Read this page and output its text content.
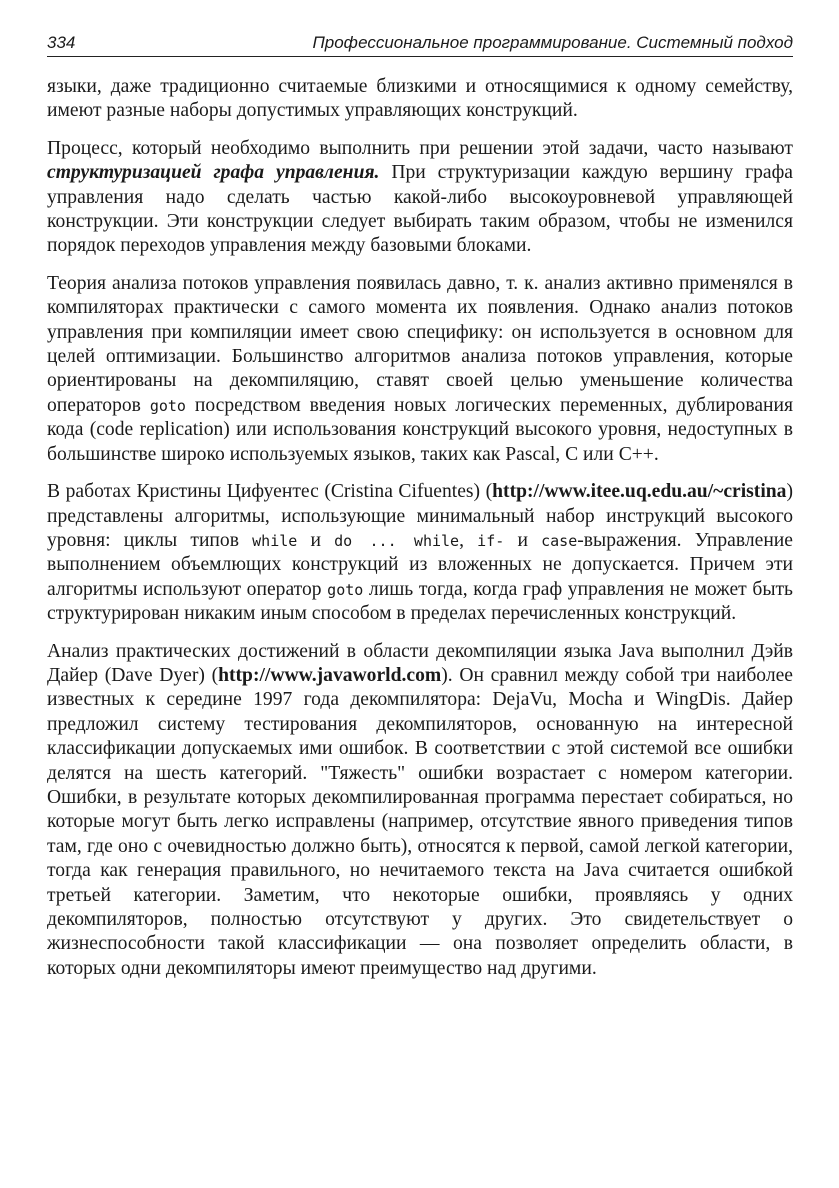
334	Профессиональное программирование. Системный подход

языки, даже традиционно считаемые близкими и относящимися к одному семейству, имеют разные наборы допустимых управляющих конструкций.

Процесс, который необходимо выполнить при решении этой задачи, часто называют структуризацией графа управления. При структуризации каждую вершину графа управления надо сделать частью какой-либо высокоуровневой управляющей конструкции. Эти конструкции следует выбирать таким образом, чтобы не изменился порядок переходов управления между базовыми блоками.

Теория анализа потоков управления появилась давно, т. к. анализ активно применялся в компиляторах практически с самого момента их появления. Однако анализ потоков управления при компиляции имеет свою специфику: он используется в основном для целей оптимизации. Большинство алгоритмов анализа потоков управления, которые ориентированы на декомпиляцию, ставят своей целью уменьшение количества операторов goto посредством введения новых логических переменных, дублирования кода (code replication) или использования конструкций высокого уровня, недоступных в большинстве широко используемых языков, таких как Pascal, C или C++.

В работах Кристины Цифуентес (Cristina Cifuentes) (http://www.itee.uq.edu.au/~cristina) представлены алгоритмы, использующие минимальный набор инструкций высокого уровня: циклы типов while и do ... while, if- и case-выражения. Управление выполнением объемлющих конструкций из вложенных не допускается. Причем эти алгоритмы используют оператор goto лишь тогда, когда граф управления не может быть структурирован никаким иным способом в пределах перечисленных конструкций.

Анализ практических достижений в области декомпиляции языка Java выполнил Дэйв Дайер (Dave Dyer) (http://www.javaworld.com). Он сравнил между собой три наиболее известных к середине 1997 года декомпилятора: DejaVu, Mocha и WingDis. Дайер предложил систему тестирования декомпиляторов, основанную на интересной классификации допускаемых ими ошибок. В соответствии с этой системой все ошибки делятся на шесть категорий. "Тяжесть" ошибки возрастает с номером категории. Ошибки, в результате которых декомпилированная программа перестает собираться, но которые могут быть легко исправлены (например, отсутствие явного приведения типов там, где оно с очевидностью должно быть), относятся к первой, самой легкой категории, тогда как генерация правильного, но нечитаемого текста на Java считается ошибкой третьей категории. Заметим, что некоторые ошибки, проявляясь у одних декомпиляторов, полностью отсутствуют у других. Это свидетельствует о жизнеспособности такой классификации — она позволяет определить области, в которых одни декомпиляторы имеют преимущество над другими.
